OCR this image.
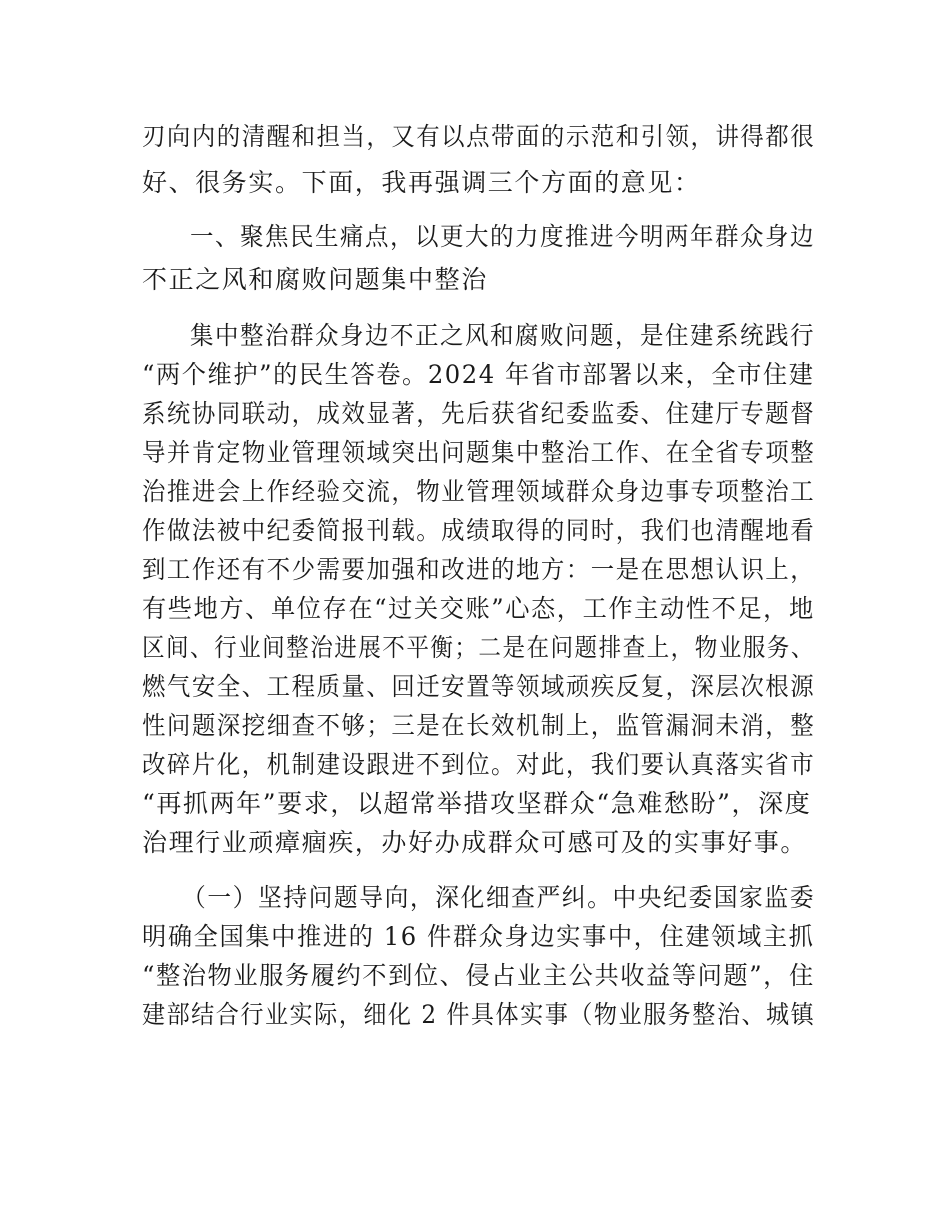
刃向内的清醒和担当，又有以点带面的示范和引领，讲得都很
好、很务实。下面，我再强调三个方面的意见：
一、聚焦民生痛点，以更大的力度推进今明两年群众身边
不正之风和腐败问题集中整治
集中整治群众身边不正之风和腐败问题，是住建系统践行
“两个维护”的民生答卷。2024 年省市部署以来，全市住建
系统协同联动，成效显著，先后获省纪委监委、住建厅专题督
导并肯定物业管理领域突出问题集中整治工作、在全省专项整
治推进会上作经验交流，物业管理领域群众身边事专项整治工
作做法被中纪委简报刊载。成绩取得的同时，我们也清醒地看
到工作还有不少需要加强和改进的地方：一是在思想认识上，
有些地方、单位存在“过关交账”心态，工作主动性不足，地
区间、行业间整治进展不平衡；二是在问题排查上，物业服务、
燃气安全、工程质量、回迁安置等领域顽疾反复，深层次根源
性问题深挖细查不够；三是在长效机制上，监管漏洞未消，整
改碎片化，机制建设跟进不到位。对此，我们要认真落实省市
“再抓两年”要求，以超常举措攻坚群众“急难愁盼”，深度
治理行业顽瘴痼疾，办好办成群众可感可及的实事好事。
（一）坚持问题导向，深化细查严纠。中央纪委国家监委
明确全国集中推进的 16 件群众身边实事中，住建领域主抓
“整治物业服务履约不到位、侵占业主公共收益等问题”，住
建部结合行业实际，细化 2 件具体实事（物业服务整治、城镇
